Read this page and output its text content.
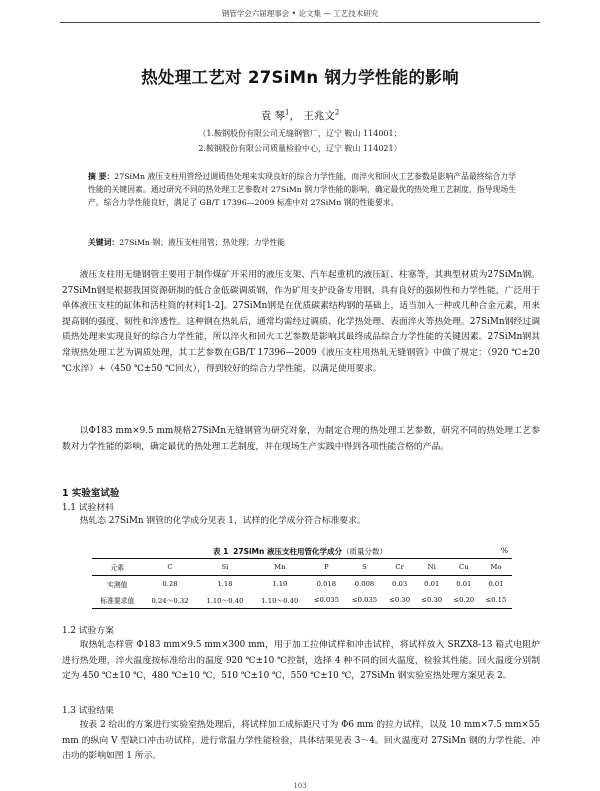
钢管学会六届理事会 • 论文集 — 工艺技术研究
热处理工艺对 27SiMn 钢力学性能的影响
袁 琴$^1$， 王兆文$^2$
（1.鞍钢股份有限公司无缝钢管厂，辽宁 鞍山 114001；
2.鞍钢股份有限公司质量检验中心，辽宁 鞍山 114021）
摘 要：27SiMn 液压支柱用管经过调质热处理来实现良好的综合力学性能，而淬火和回火工艺参数是影响产品最终综合力学性能的关键因素。通过研究不同的热处理工艺参数对 27SiMn 钢力学性能的影响，确定最优的热处理工艺制度，指导现场生产。综合力学性能良好，满足了 GB/T 17396—2009 标准中对 27SiMn 钢的性能要求。
关键词：27SiMn 钢；液压支柱用管；热处理；力学性能

液压支柱用无缝钢管主要用于制作煤矿开采用的液压支架、汽车起重机的液压缸、柱塞等，其典型材质为27SiMn钢。27SiMn钢是根据我国资源研制的低合金低碳调质钢，作为矿用支护设备专用钢，具有良好的强韧性和力学性能，广泛用于单体液压支柱的缸体和活柱筒的材料[1-2]。27SiMn钢是在优质碳素结构钢的基础上，适当加入一种或几种合金元素，用来提高钢的强度、韧性和淬透性。这种钢在热轧后，通常均需经过调质、化学热处理、表面淬火等热处理。27SiMn钢经过调质热处理来实现良好的综合力学性能，所以淬火和回火工艺参数是影响其最终成品综合力学性能的关键因素。27SiMn钢其常规热处理工艺为调质处理，其工艺参数在GB/T 17396—2009《液压支柱用热轧无缝钢管》中做了规定：（920 ℃±20 ℃水淬）+（450 ℃±50 ℃回火），得到较好的综合力学性能，以满足使用要求。

以Φ183 mm×9.5 mm规格27SiMn无缝钢管为研究对象，为制定合理的热处理工艺参数，研究不同的热处理工艺参数对力学性能的影响，确定最优的热处理工艺制度，并在现场生产实践中得到各项性能合格的产品。

1 实验室试验
1.1 试验材料

热轧态 27SiMn 钢管的化学成分见表 1，试样的化学成分符合标准要求。

表 1 27SiMn 液压支柱用管化学成分（质量分数）	%
元素	C	Si	Mn	P	S	Cr	Ni	Cu	Mo
实测值	0.28	1.18	1.19	0.018	0.008	0.03	0.01	0.01	0.01
标准要求值	0.24～0.32	1.10～0.40	1.10～0.40	≤0.035	≤0.035	≤0.30	≤0.30	≤0.20	≤0.15
1.2 试验方案

取热轧态样管 Φ183 mm×9.5 mm×300 mm，用于加工拉伸试样和冲击试样，将试样放入 SRZX8-13 箱式电阻炉进行热处理，淬火温度按标准给出的温度 920 ℃±10 ℃控制，选择 4 种不同的回火温度，检验其性能。回火温度分别制定为 450 ℃±10 ℃，480 ℃±10 ℃，510 ℃±10 ℃，550 ℃±10 ℃，27SiMn 钢实验室热处理方案见表 2。

1.3 试验结果

按表 2 给出的方案进行实验室热处理后，将试样加工成标距尺寸为 Φ6 mm 的拉力试样，以及 10 mm×7.5 mm×55 mm 的纵向 V 型缺口冲击功试样，进行常温力学性能检验，具体结果见表 3～4。回火温度对 27SiMn 钢的力学性能、冲击功的影响如图 1 所示。

103
